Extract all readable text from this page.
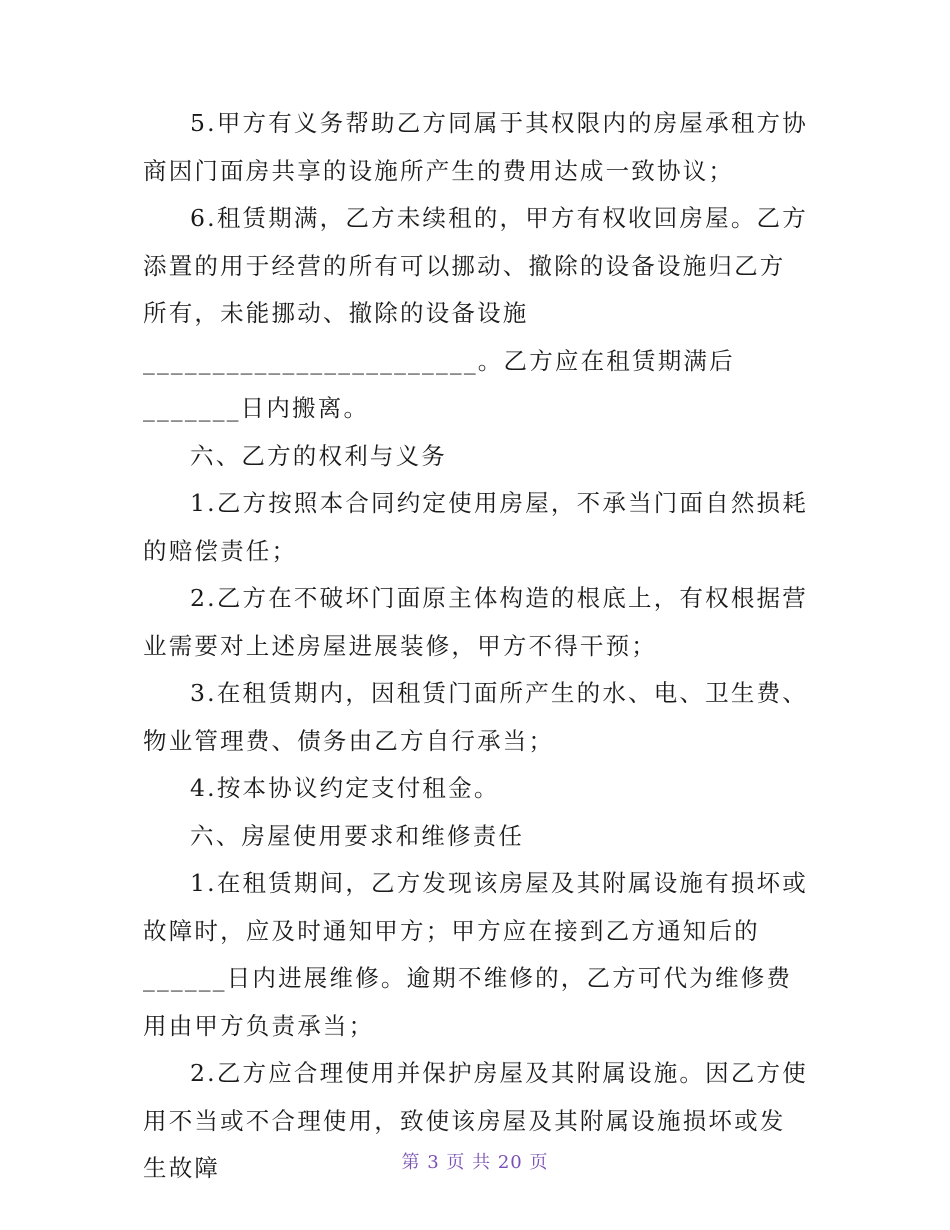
5.甲方有义务帮助乙方同属于其权限内的房屋承租方协商因门面房共享的设施所产生的费用达成一致协议；

6.租赁期满，乙方未续租的，甲方有权收回房屋。乙方添置的用于经营的所有可以挪动、撤除的设备设施归乙方所有，未能挪动、撤除的设备设施________________________。乙方应在租赁期满后_______日内搬离。

六、乙方的权利与义务

1.乙方按照本合同约定使用房屋，不承当门面自然损耗的赔偿责任；

2.乙方在不破坏门面原主体构造的根底上，有权根据营业需要对上述房屋进展装修，甲方不得干预；

3.在租赁期内，因租赁门面所产生的水、电、卫生费、物业管理费、债务由乙方自行承当；

4.按本协议约定支付租金。

六、房屋使用要求和维修责任

1.在租赁期间，乙方发现该房屋及其附属设施有损坏或故障时，应及时通知甲方；甲方应在接到乙方通知后的______日内进展维修。逾期不维修的，乙方可代为维修费用由甲方负责承当；

2.乙方应合理使用并保护房屋及其附属设施。因乙方使用不当或不合理使用，致使该房屋及其附属设施损坏或发生故障	第 3 页 共 20 页
